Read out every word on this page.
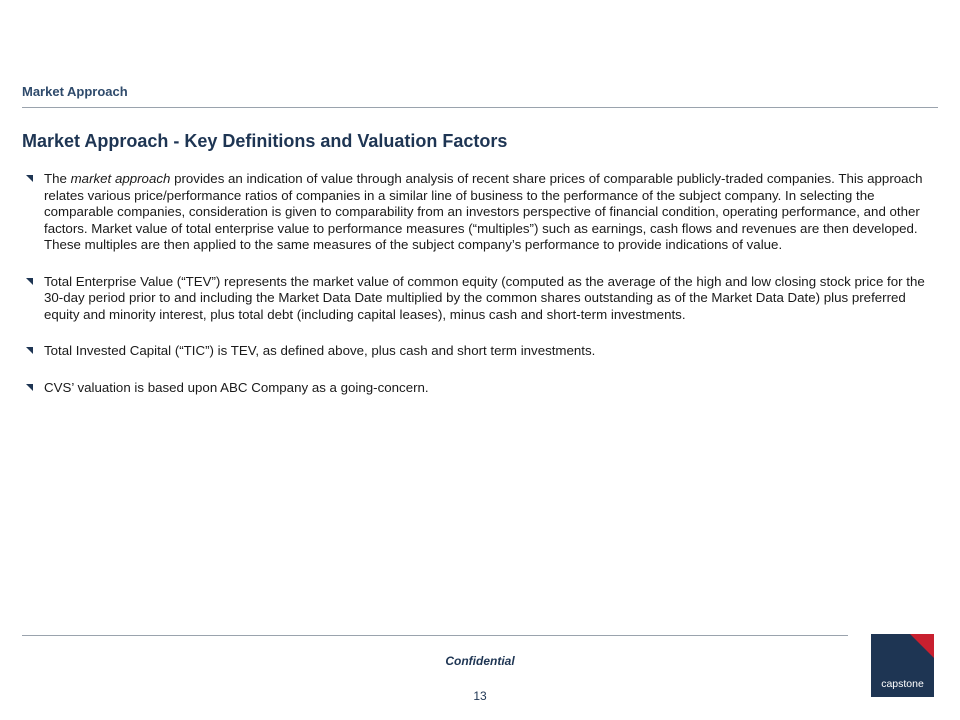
Market Approach
Market Approach - Key Definitions and Valuation Factors
The market approach provides an indication of value through analysis of recent share prices of comparable publicly-traded companies. This approach relates various price/performance ratios of companies in a similar line of business to the performance of the subject company. In selecting the comparable companies, consideration is given to comparability from an investors perspective of financial condition, operating performance, and other factors. Market value of total enterprise value to performance measures (“multiples”) such as earnings, cash flows and revenues are then developed. These multiples are then applied to the same measures of the subject company’s performance to provide indications of value.
Total Enterprise Value (“TEV”) represents the market value of common equity (computed as the average of the high and low closing stock price for the 30-day period prior to and including the Market Data Date multiplied by the common shares outstanding as of the Market Data Date) plus preferred equity and minority interest, plus total debt (including capital leases), minus cash and short-term investments.
Total Invested Capital (“TIC”) is TEV, as defined above, plus cash and short term investments.
CVS’ valuation is based upon ABC Company as a going-concern.
Confidential
13
capstone
